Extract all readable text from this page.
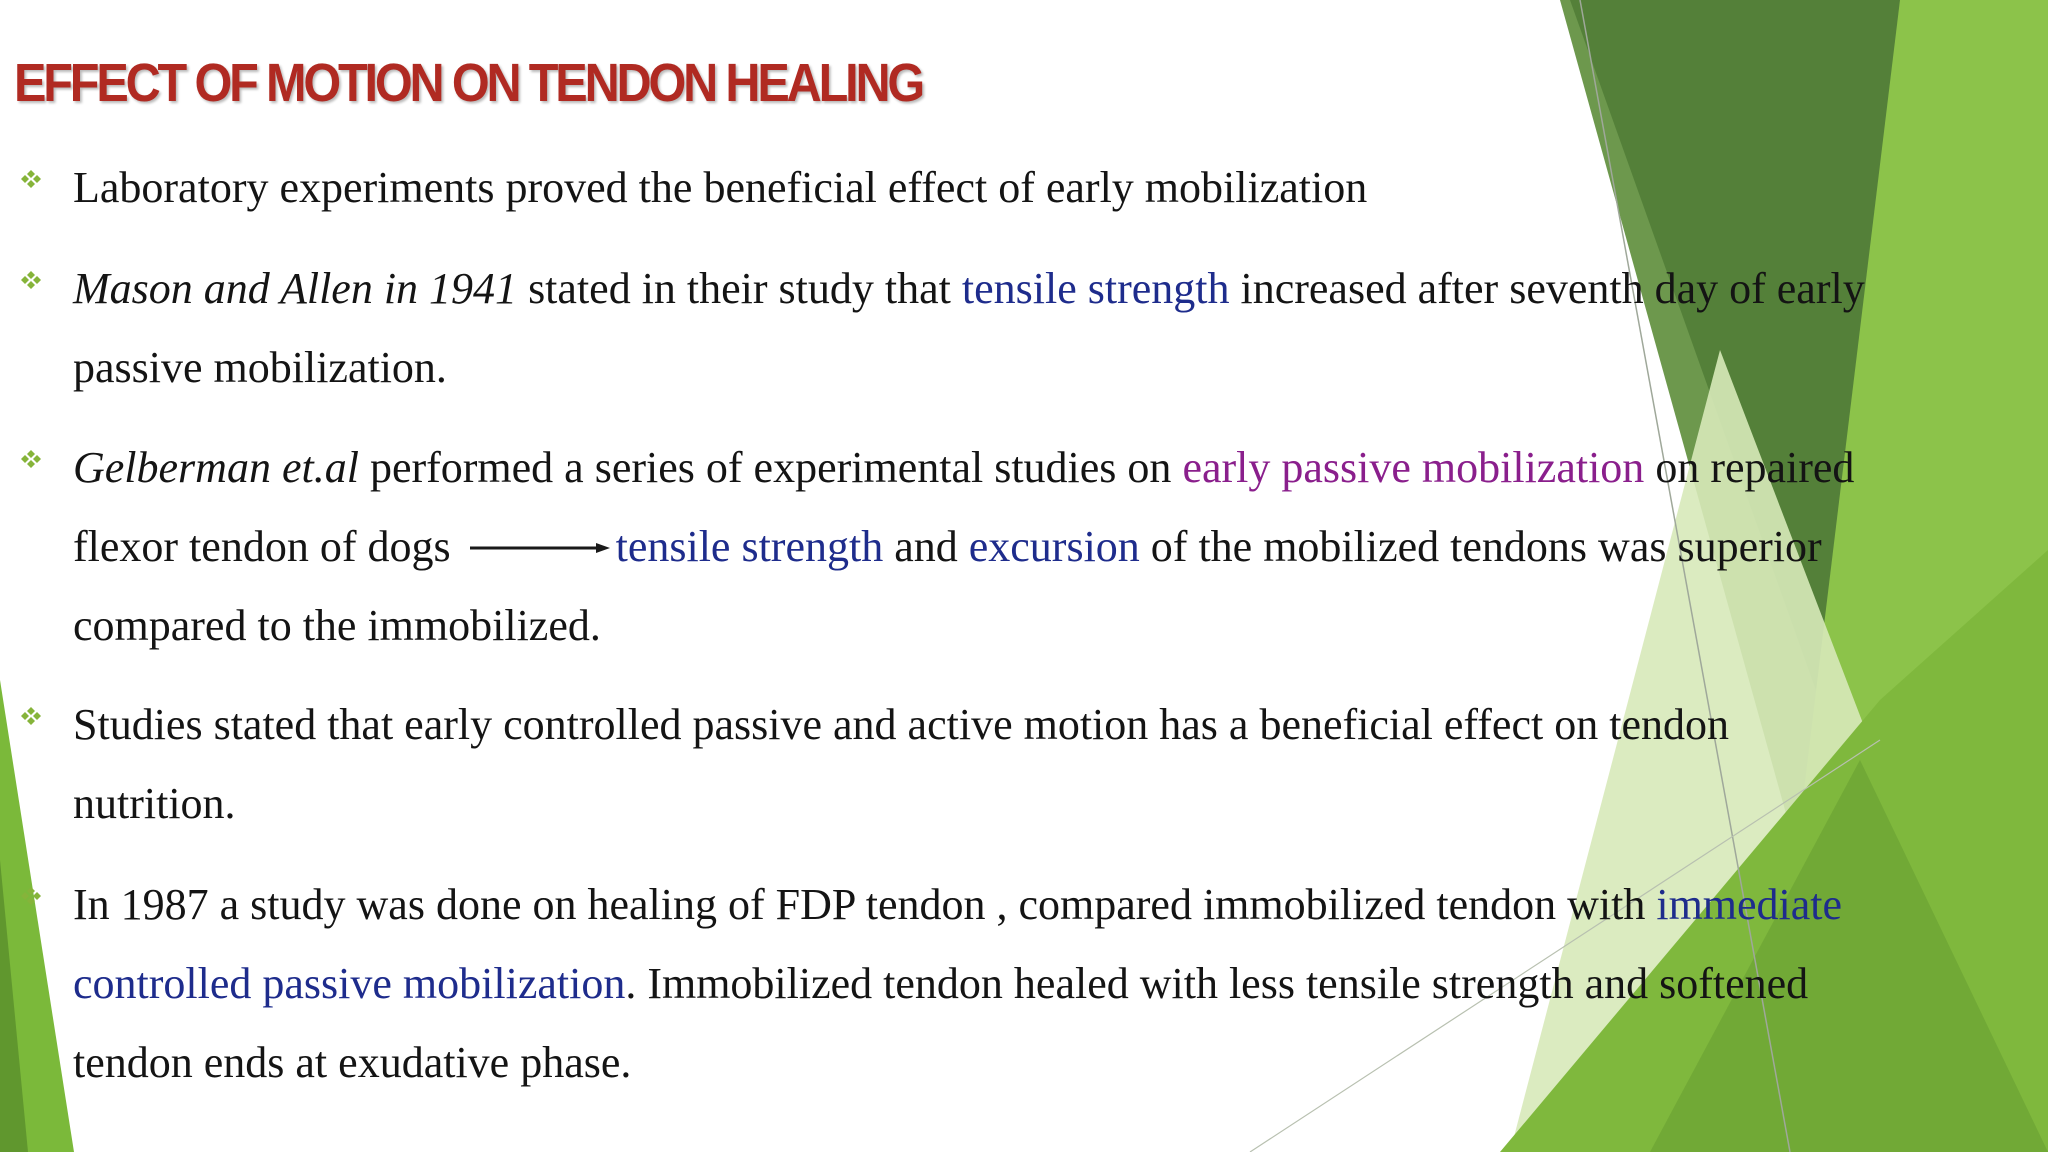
EFFECT OF MOTION ON TENDON HEALING
Laboratory experiments proved the beneficial effect of early mobilization
Mason and Allen in 1941 stated in their study that tensile strength increased after seventh day of early
passive mobilization.
Gelberman et.al performed a series of experimental studies on early passive mobilization on repaired
flexor tendon of dogs	tensile strength and excursion of the mobilized tendons was superior
compared to the immobilized.
Studies stated that early controlled passive and active motion has a beneficial effect on tendon
nutrition.
In 1987 a study was done on healing of FDP tendon , compared immobilized tendon with immediate
controlled passive mobilization. Immobilized tendon healed with less tensile strength and softened
tendon ends at exudative phase.
